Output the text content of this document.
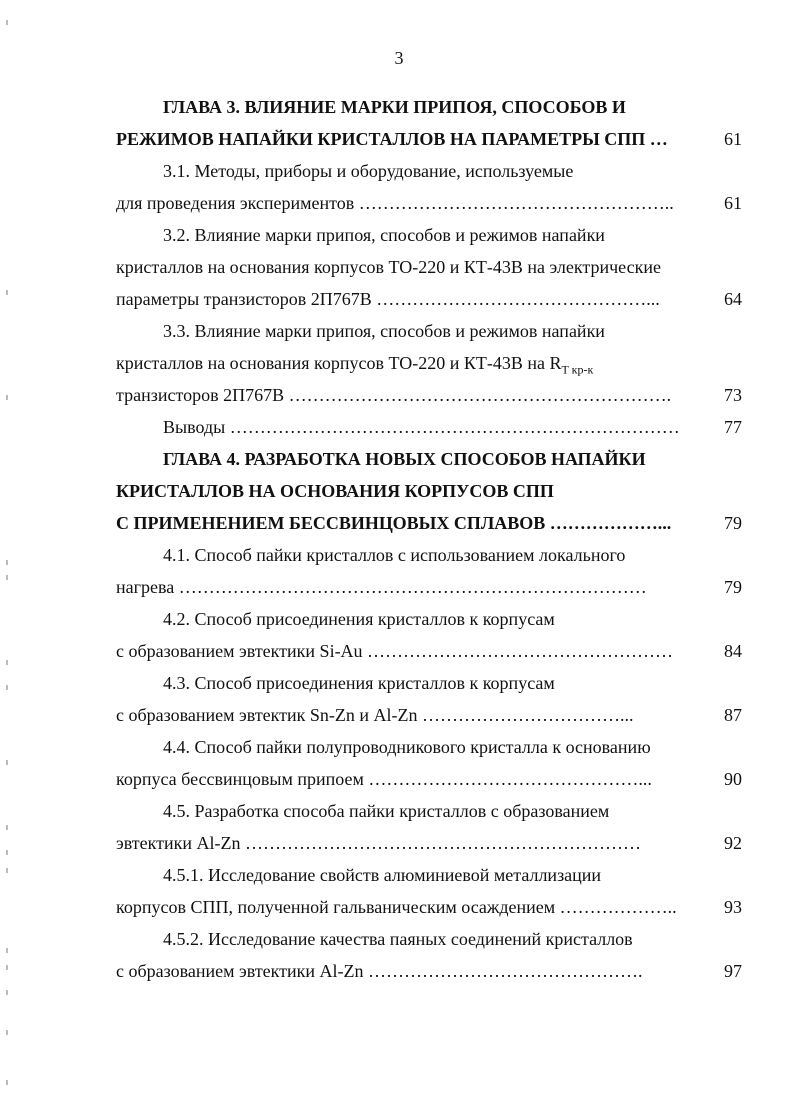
3
ГЛАВА 3. ВЛИЯНИЕ МАРКИ ПРИПОЯ, СПОСОБОВ И
РЕЖИМОВ НАПАЙКИ КРИСТАЛЛОВ НА ПАРАМЕТРЫ СПП …	61
3.1. Методы, приборы и оборудование, используемые
для проведения экспериментов ……………………………………………..	61
3.2. Влияние марки припоя, способов и режимов напайки
кристаллов на основания корпусов ТО-220 и КТ-43В на электрические
параметры транзисторов 2П767В ………………………………………...	64
3.3. Влияние марки припоя, способов и режимов напайки
кристаллов на основания корпусов ТО-220 и КТ-43В на $R_{T кр-к}$
транзисторов 2П767В ……………………………………………………….	73
Выводы …………………………………………………………………	77
ГЛАВА 4. РАЗРАБОТКА НОВЫХ СПОСОБОВ НАПАЙКИ
КРИСТАЛЛОВ НА ОСНОВАНИЯ КОРПУСОВ СПП
С ПРИМЕНЕНИЕМ БЕССВИНЦОВЫХ СПЛАВОВ ………………...	79
4.1. Способ пайки кристаллов с использованием локального
нагрева ……………………………………………………………………	79
4.2. Способ присоединения кристаллов к корпусам
с образованием эвтектики Si-Au ……………………………………………	84
4.3. Способ присоединения кристаллов к корпусам
с образованием эвтектик Sn-Zn и Al-Zn ……………………………...	87
4.4. Способ пайки полупроводникового кристалла к основанию
корпуса бессвинцовым припоем ………………………………………...	90
4.5. Разработка способа пайки кристаллов с образованием
эвтектики Al-Zn …………………………………………………………	92
4.5.1. Исследование свойств алюминиевой металлизации
корпусов СПП, полученной гальваническим осаждением ………………..	93
4.5.2. Исследование качества паяных соединений кристаллов
с образованием эвтектики Al-Zn ……………………………………….	97
